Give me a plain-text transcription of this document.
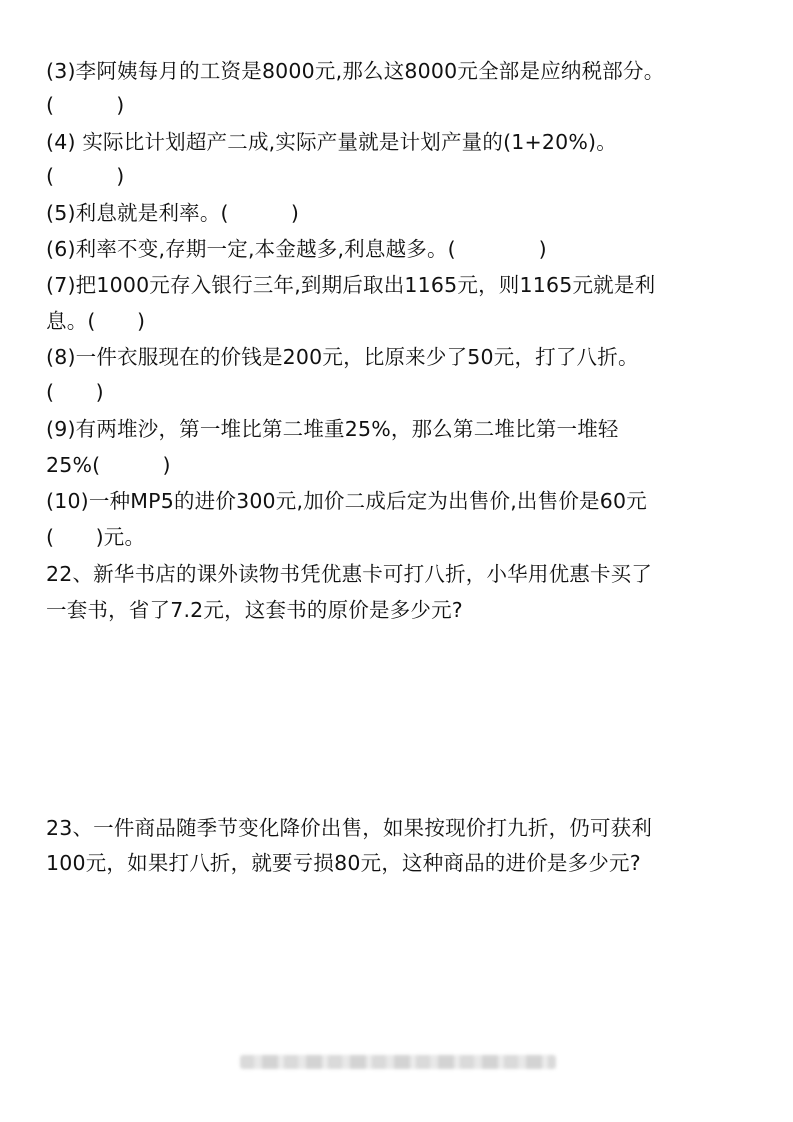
(3)李阿姨每月的工资是8000元,那么这8000元全部是应纳税部分。
(　　　)
(4) 实际比计划超产二成,实际产量就是计划产量的(1+20%)。
(　　　)
(5)利息就是利率。(　　　)
(6)利率不变,存期一定,本金越多,利息越多。(　　　　)
(7)把1000元存入银行三年,到期后取出1165元，则1165元就是利
息。(　　)
(8)一件衣服现在的价钱是200元，比原来少了50元，打了八折。
(　　)
(9)有两堆沙，第一堆比第二堆重25%，那么第二堆比第一堆轻
25%(　　　)
(10)一种MP5的进价300元,加价二成后定为出售价,出售价是60元
(　　)元。
22、新华书店的课外读物书凭优惠卡可打八折，小华用优惠卡买了
一套书，省了7.2元，这套书的原价是多少元?
23、一件商品随季节变化降价出售，如果按现价打九折，仍可获利
100元，如果打八折，就要亏损80元，这种商品的进价是多少元?
